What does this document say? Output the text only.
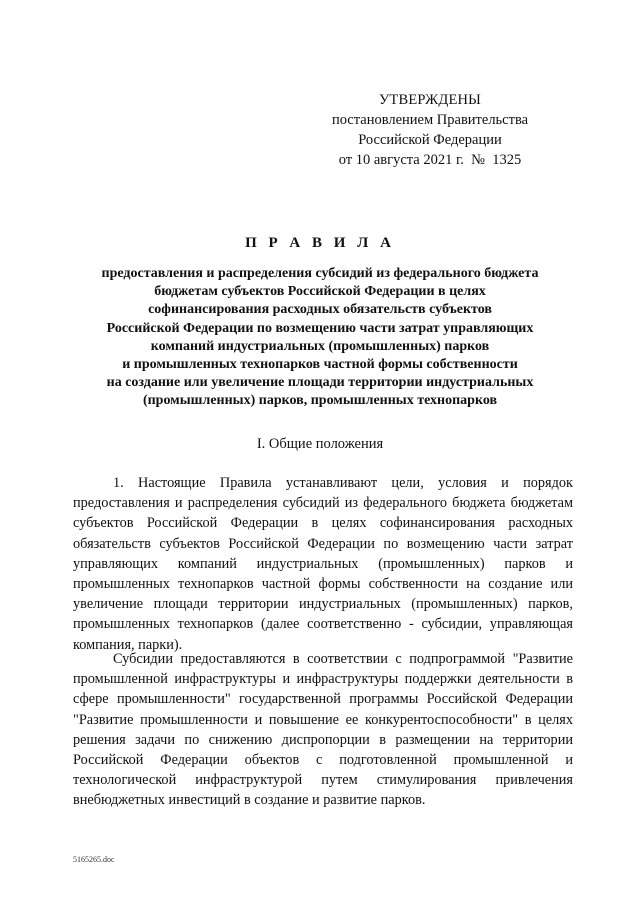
УТВЕРЖДЕНЫ
постановлением Правительства
Российской Федерации
от 10 августа 2021 г.  №  1325
П Р А В И Л А
предоставления и распределения субсидий из федерального бюджета
бюджетам субъектов Российской Федерации в целях
софинансирования расходных обязательств субъектов
Российской Федерации по возмещению части затрат управляющих
компаний индустриальных (промышленных) парков
и промышленных технопарков частной формы собственности
на создание или увеличение площади территории индустриальных
(промышленных) парков, промышленных технопарков
I. Общие положения

1. Настоящие Правила устанавливают цели, условия и порядок предоставления и распределения субсидий из федерального бюджета бюджетам субъектов Российской Федерации в целях софинансирования расходных обязательств субъектов Российской Федерации по возмещению части затрат управляющих компаний индустриальных (промышленных) парков и промышленных технопарков частной формы собственности на создание или увеличение площади территории индустриальных (промышленных) парков, промышленных технопарков (далее соответственно - субсидии, управляющая компания, парки).

Субсидии предоставляются в соответствии с подпрограммой "Развитие промышленной инфраструктуры и инфраструктуры поддержки деятельности в сфере промышленности" государственной программы Российской Федерации "Развитие промышленности и повышение ее конкурентоспособности" в целях решения задачи по снижению диспропорции в размещении на территории Российской Федерации объектов с подготовленной промышленной и технологической инфраструктурой путем стимулирования привлечения внебюджетных инвестиций в создание и развитие парков.

5165265.doc
